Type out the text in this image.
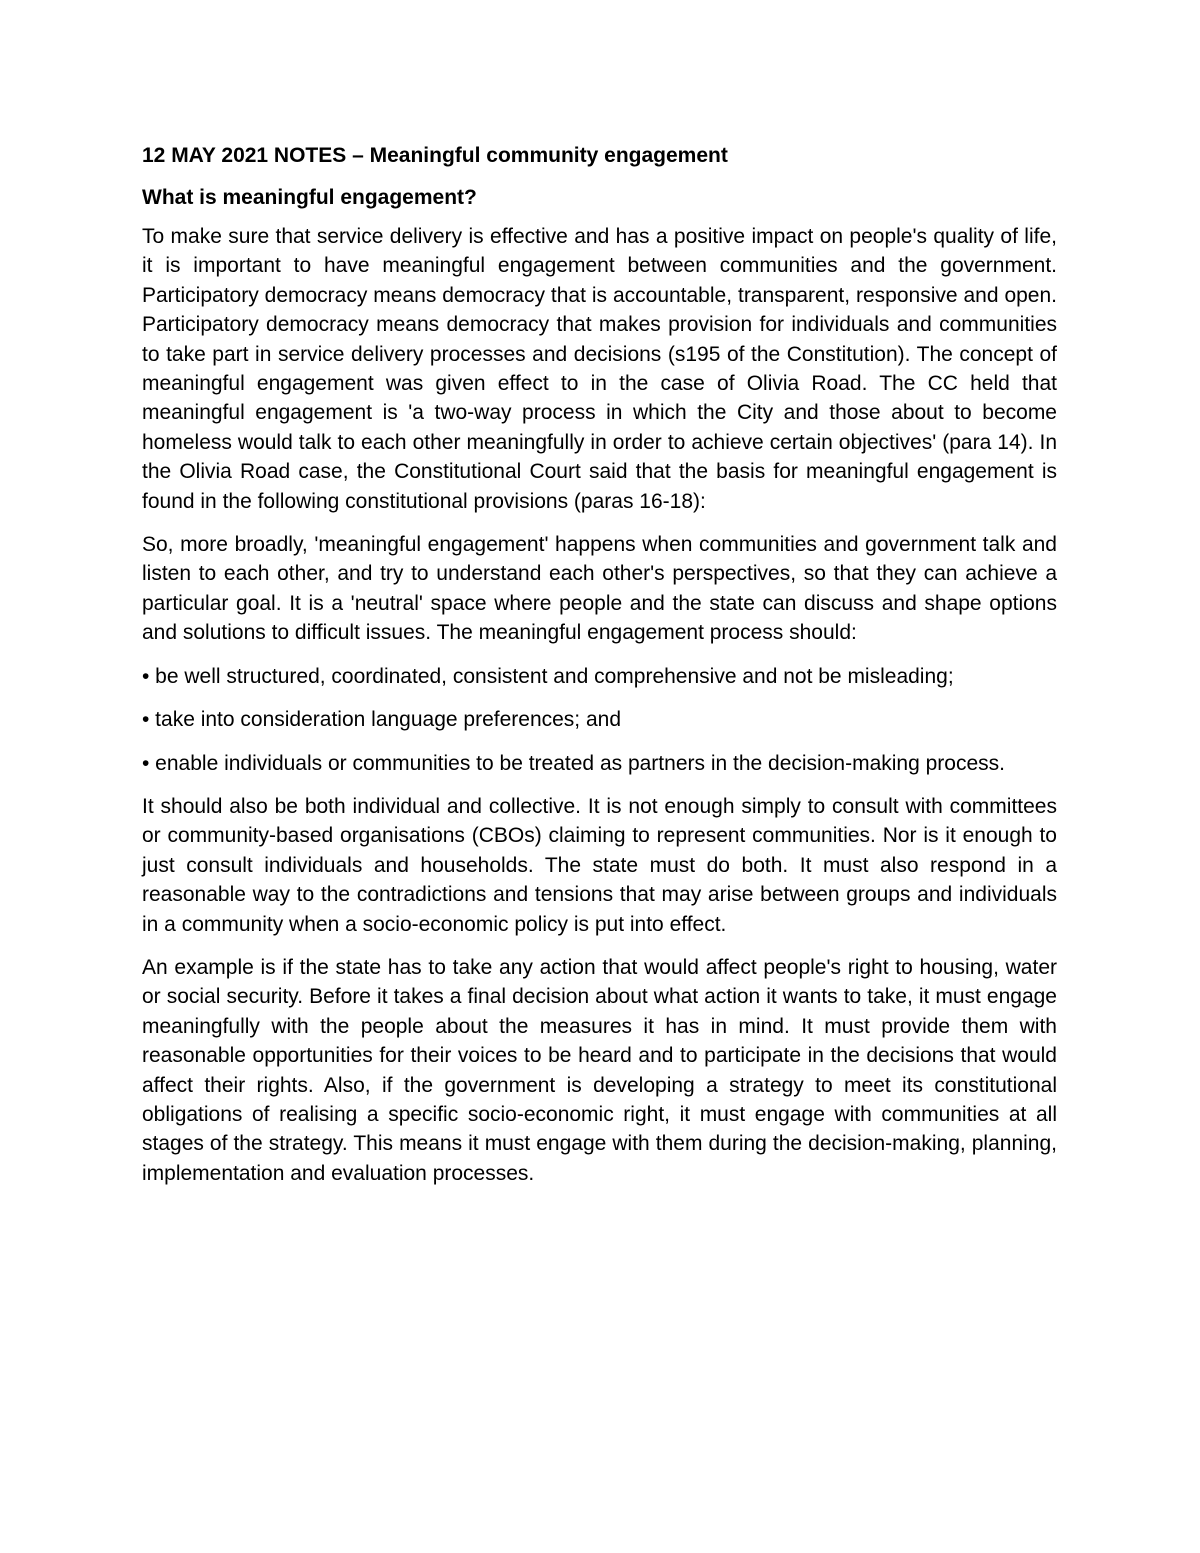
12 MAY 2021 NOTES – Meaningful community engagement
What is meaningful engagement?

To make sure that service delivery is effective and has a positive impact on people's quality of life, it is important to have meaningful engagement between communities and the government. Participatory democracy means democracy that is accountable, transparent, responsive and open. Participatory democracy means democracy that makes provision for individuals and communities to take part in service delivery processes and decisions (s195 of the Constitution). The concept of meaningful engagement was given effect to in the case of Olivia Road. The CC held that meaningful engagement is 'a two-way process in which the City and those about to become homeless would talk to each other meaningfully in order to achieve certain objectives' (para 14). In the Olivia Road case, the Constitutional Court said that the basis for meaningful engagement is found in the following constitutional provisions (paras 16-18):

So, more broadly, 'meaningful engagement' happens when communities and government talk and listen to each other, and try to understand each other's perspectives, so that they can achieve a particular goal. It is a 'neutral' space where people and the state can discuss and shape options and solutions to difficult issues. The meaningful engagement process should:

• be well structured, coordinated, consistent and comprehensive and not be misleading;

• take into consideration language preferences; and

• enable individuals or communities to be treated as partners in the decision-making process.

It should also be both individual and collective. It is not enough simply to consult with committees or community-based organisations (CBOs) claiming to represent communities. Nor is it enough to just consult individuals and households. The state must do both. It must also respond in a reasonable way to the contradictions and tensions that may arise between groups and individuals in a community when a socio-economic policy is put into effect.

An example is if the state has to take any action that would affect people's right to housing, water or social security. Before it takes a final decision about what action it wants to take, it must engage meaningfully with the people about the measures it has in mind. It must provide them with reasonable opportunities for their voices to be heard and to participate in the decisions that would affect their rights. Also, if the government is developing a strategy to meet its constitutional obligations of realising a specific socio-economic right, it must engage with communities at all stages of the strategy. This means it must engage with them during the decision-making, planning, implementation and evaluation processes.
